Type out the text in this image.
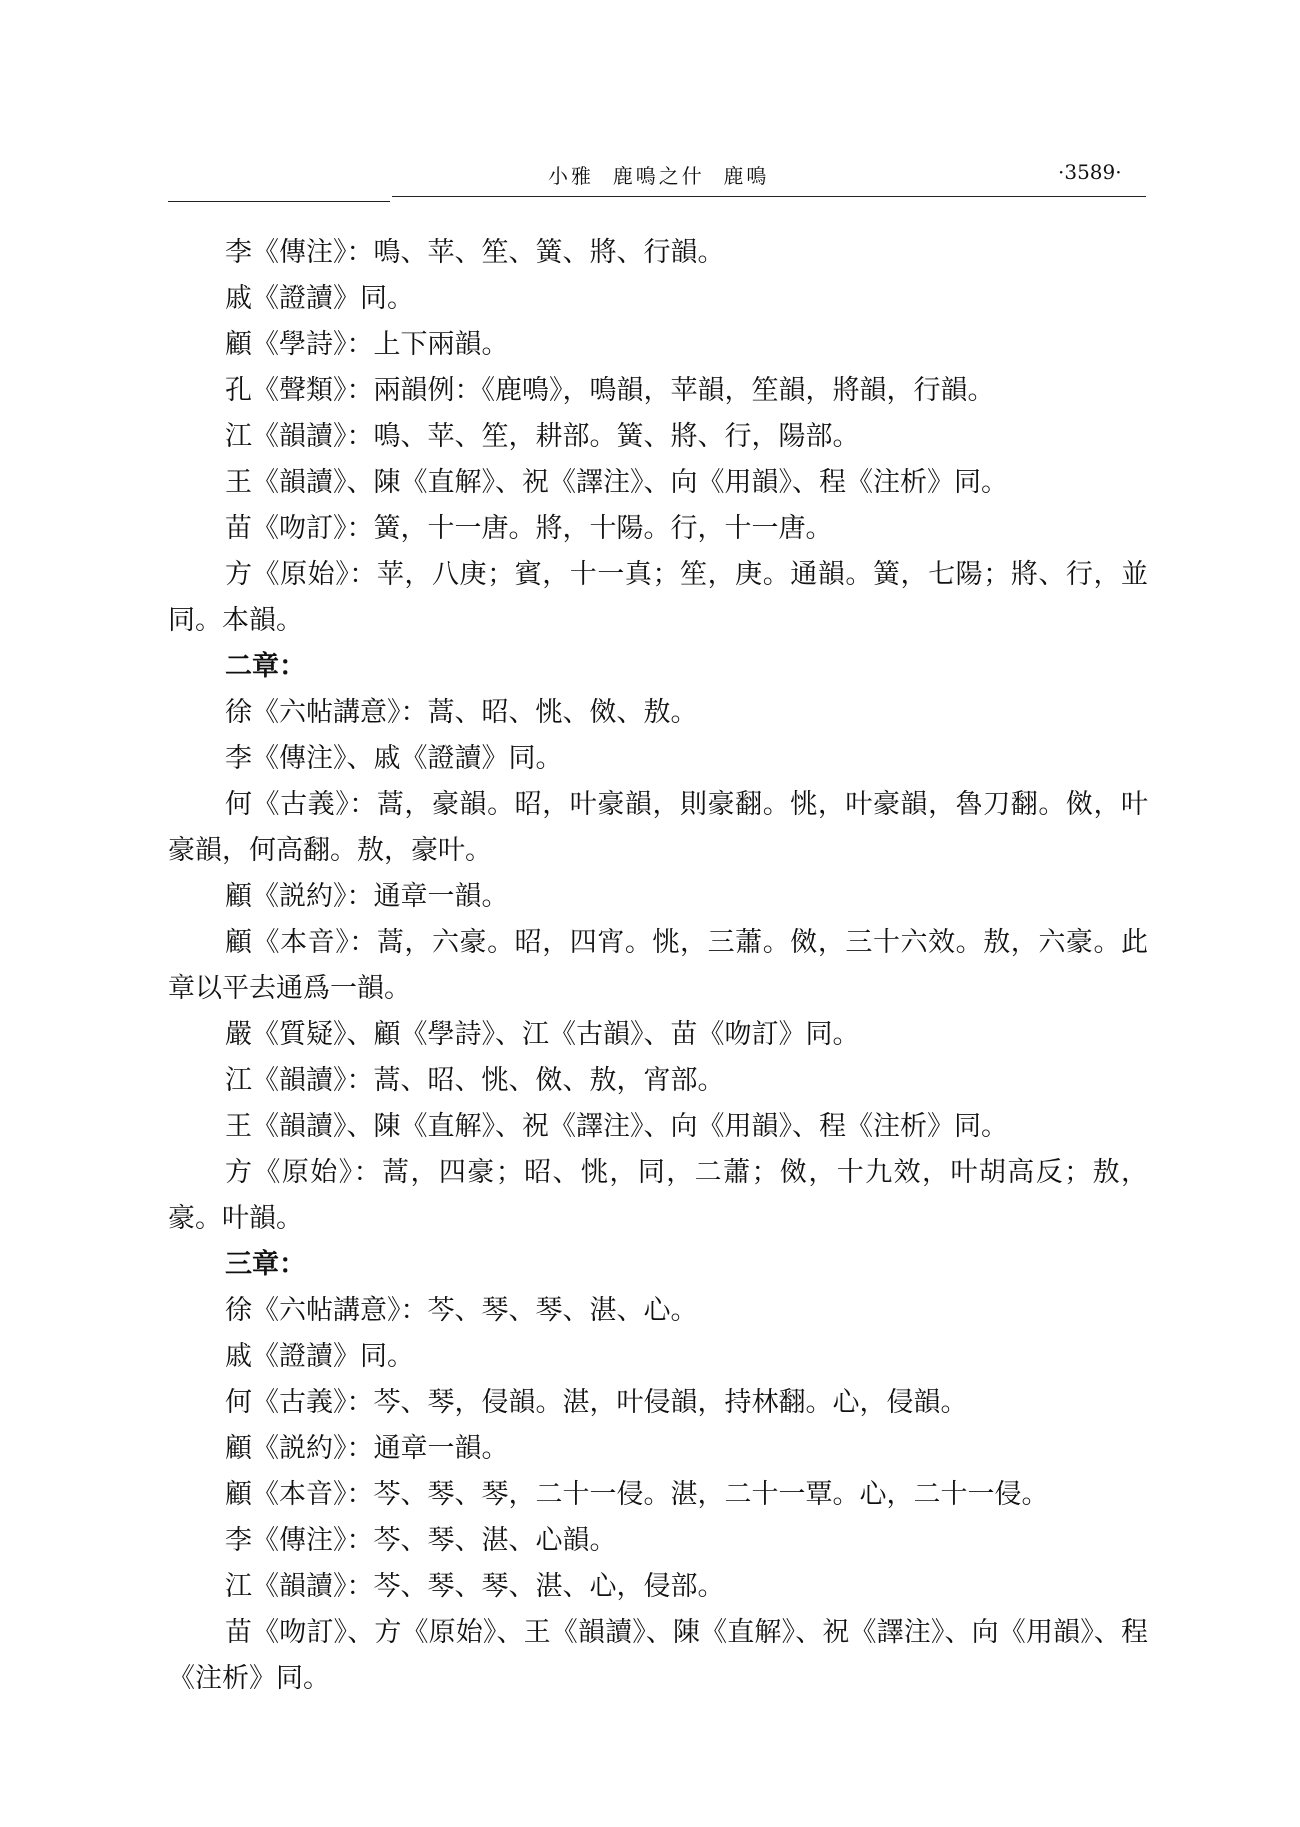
小雅  鹿鳴之什  鹿鳴	·3589·

李《傳注》：鳴、苹、笙、簧、將、行韻。

戚《證讀》同。

顧《學詩》：上下兩韻。

孔《聲類》：兩韻例：《鹿鳴》，鳴韻，苹韻，笙韻，將韻，行韻。

江《韻讀》：鳴、苹、笙，耕部。簧、將、行，陽部。

王《韻讀》、陳《直解》、祝《譯注》、向《用韻》、程《注析》同。

苗《吻訂》：簧，十一唐。將，十陽。行，十一唐。

方《原始》：苹，八庚；賓，十一真；笙，庚。通韻。簧，七陽；將、行，並同。本韻。

二章：

徐《六帖講意》：蒿、昭、恌、傚、敖。

李《傳注》、戚《證讀》同。

何《古義》：蒿，豪韻。昭，叶豪韻，則豪翻。恌，叶豪韻，魯刀翻。傚，叶豪韻，何高翻。敖，豪叶。

顧《説約》：通章一韻。

顧《本音》：蒿，六豪。昭，四宵。恌，三蕭。傚，三十六效。敖，六豪。此章以平去通爲一韻。

嚴《質疑》、顧《學詩》、江《古韻》、苗《吻訂》同。

江《韻讀》：蒿、昭、恌、傚、敖，宵部。

王《韻讀》、陳《直解》、祝《譯注》、向《用韻》、程《注析》同。

方《原始》：蒿，四豪；昭、恌，同，二蕭；傚，十九效，叶胡高反；敖，豪。叶韻。

三章：

徐《六帖講意》：芩、琴、琴、湛、心。

戚《證讀》同。

何《古義》：芩、琴，侵韻。湛，叶侵韻，持林翻。心，侵韻。

顧《説約》：通章一韻。

顧《本音》：芩、琴、琴，二十一侵。湛，二十一覃。心，二十一侵。

李《傳注》：芩、琴、湛、心韻。

江《韻讀》：芩、琴、琴、湛、心，侵部。

苗《吻訂》、方《原始》、王《韻讀》、陳《直解》、祝《譯注》、向《用韻》、程《注析》同。
